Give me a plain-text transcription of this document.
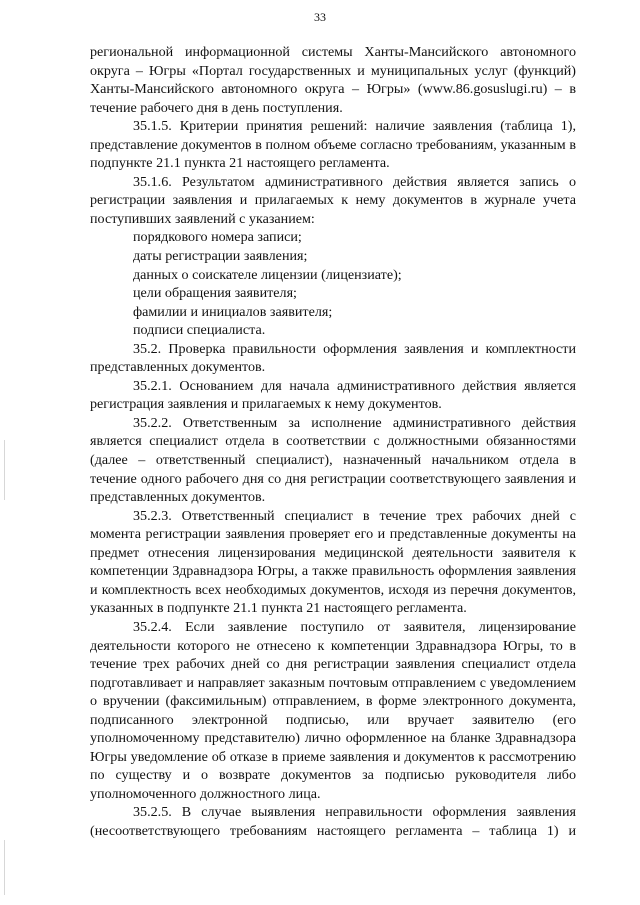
33

региональной информационной системы Ханты-Мансийского автономного округа – Югры «Портал государственных и муниципальных услуг (функций) Ханты-Мансийского автономного округа – Югры» (www.86.gosuslugi.ru) – в течение рабочего дня в день поступления.

35.1.5. Критерии принятия решений: наличие заявления (таблица 1), представление документов в полном объеме согласно требованиям, указанным в подпункте 21.1 пункта 21 настоящего регламента.

35.1.6. Результатом административного действия является запись о регистрации заявления и прилагаемых к нему документов в журнале учета поступивших заявлений с указанием:

порядкового номера записи;

даты регистрации заявления;

данных о соискателе лицензии (лицензиате);

цели обращения заявителя;

фамилии и инициалов заявителя;

подписи специалиста.

35.2. Проверка правильности оформления заявления и комплектности представленных документов.

35.2.1. Основанием для начала административного действия является регистрация заявления и прилагаемых к нему документов.

35.2.2. Ответственным за исполнение административного действия является специалист отдела в соответствии с должностными обязанностями (далее – ответственный специалист), назначенный начальником отдела в течение одного рабочего дня со дня регистрации соответствующего заявления и представленных документов.

35.2.3. Ответственный специалист в течение трех рабочих дней с момента регистрации заявления проверяет его и представленные документы на предмет отнесения лицензирования медицинской деятельности заявителя к компетенции Здравнадзора Югры, а также правильность оформления заявления и комплектность всех необходимых документов, исходя из перечня документов, указанных в подпункте 21.1 пункта 21 настоящего регламента.

35.2.4. Если заявление поступило от заявителя, лицензирование деятельности которого не отнесено к компетенции Здравнадзора Югры, то в течение трех рабочих дней со дня регистрации заявления специалист отдела подготавливает и направляет заказным почтовым отправлением с уведомлением о вручении (факсимильным) отправлением, в форме электронного документа, подписанного электронной подписью, или вручает заявителю (его уполномоченному представителю) лично оформленное на бланке Здравнадзора Югры уведомление об отказе в приеме заявления и документов к рассмотрению по существу и о возврате документов за подписью руководителя либо уполномоченного должностного лица.

35.2.5. В случае выявления неправильности оформления заявления (несоответствующего требованиям настоящего регламента – таблица 1) и
